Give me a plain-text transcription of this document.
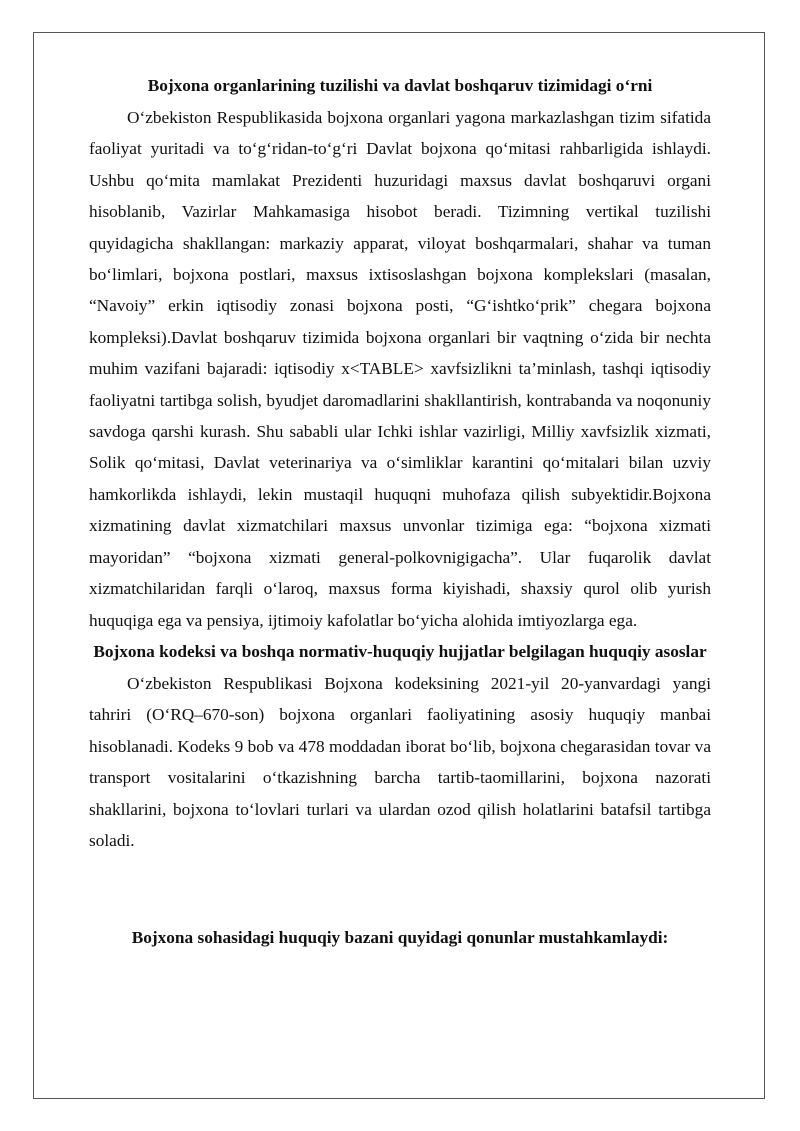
Bojxona organlarining tuzilishi va davlat boshqaruv tizimidagi o‘rni

O‘zbekiston Respublikasida bojxona organlari yagona markazlashgan tizim sifatida faoliyat yuritadi va to‘g‘ridan-to‘g‘ri Davlat bojxona qo‘mitasi rahbarligida ishlaydi. Ushbu qo‘mita mamlakat Prezidenti huzuridagi maxsus davlat boshqaruvi organi hisoblanib, Vazirlar Mahkamasiga hisobot beradi. Tizimning vertikal tuzilishi quyidagicha shakllangan: markaziy apparat, viloyat boshqarmalari, shahar va tuman bo‘limlari, bojxona postlari, maxsus ixtisoslashgan bojxona komplekslari (masalan, “Navoiy” erkin iqtisodiy zonasi bojxona posti, “G‘ishtko‘prik” chegara bojxona kompleksi).Davlat boshqaruv tizimida bojxona organlari bir vaqtning o‘zida bir nechta muhim vazifani bajaradi: iqtisodiy x<TABLE> xavfsizlikni ta’minlash, tashqi iqtisodiy faoliyatni tartibga solish, byudjet daromadlarini shakllantirish, kontrabanda va noqonuniy savdoga qarshi kurash. Shu sababli ular Ichki ishlar vazirligi, Milliy xavfsizlik xizmati, Solik qo‘mitasi, Davlat veterinariya va o‘simliklar karantini qo‘mitalari bilan uzviy hamkorlikda ishlaydi, lekin mustaqil huquqni muhofaza qilish subyektidir.Bojxona xizmatining davlat xizmatchilari maxsus unvonlar tizimiga ega: “bojxona xizmati mayoridan” “bojxona xizmati general-polkovnigigacha”. Ular fuqarolik davlat xizmatchilaridan farqli o‘laroq, maxsus forma kiyishadi, shaxsiy qurol olib yurish huquqiga ega va pensiya, ijtimoiy kafolatlar bo‘yicha alohida imtiyozlarga ega.

Bojxona kodeksi va boshqa normativ-huquqiy hujjatlar belgilagan huquqiy asoslar

O‘zbekiston Respublikasi Bojxona kodeksining 2021-yil 20-yanvardagi yangi tahriri (O‘RQ–670-son) bojxona organlari faoliyatining asosiy huquqiy manbai hisoblanadi. Kodeks 9 bob va 478 moddadan iborat bo‘lib, bojxona chegarasidan tovar va transport vositalarini o‘tkazishning barcha tartib-taomillarini, bojxona nazorati shakllarini, bojxona to‘lovlari turlari va ulardan ozod qilish holatlarini batafsil tartibga soladi.

Bojxona sohasidagi huquqiy bazani quyidagi qonunlar mustahkamlaydi:
